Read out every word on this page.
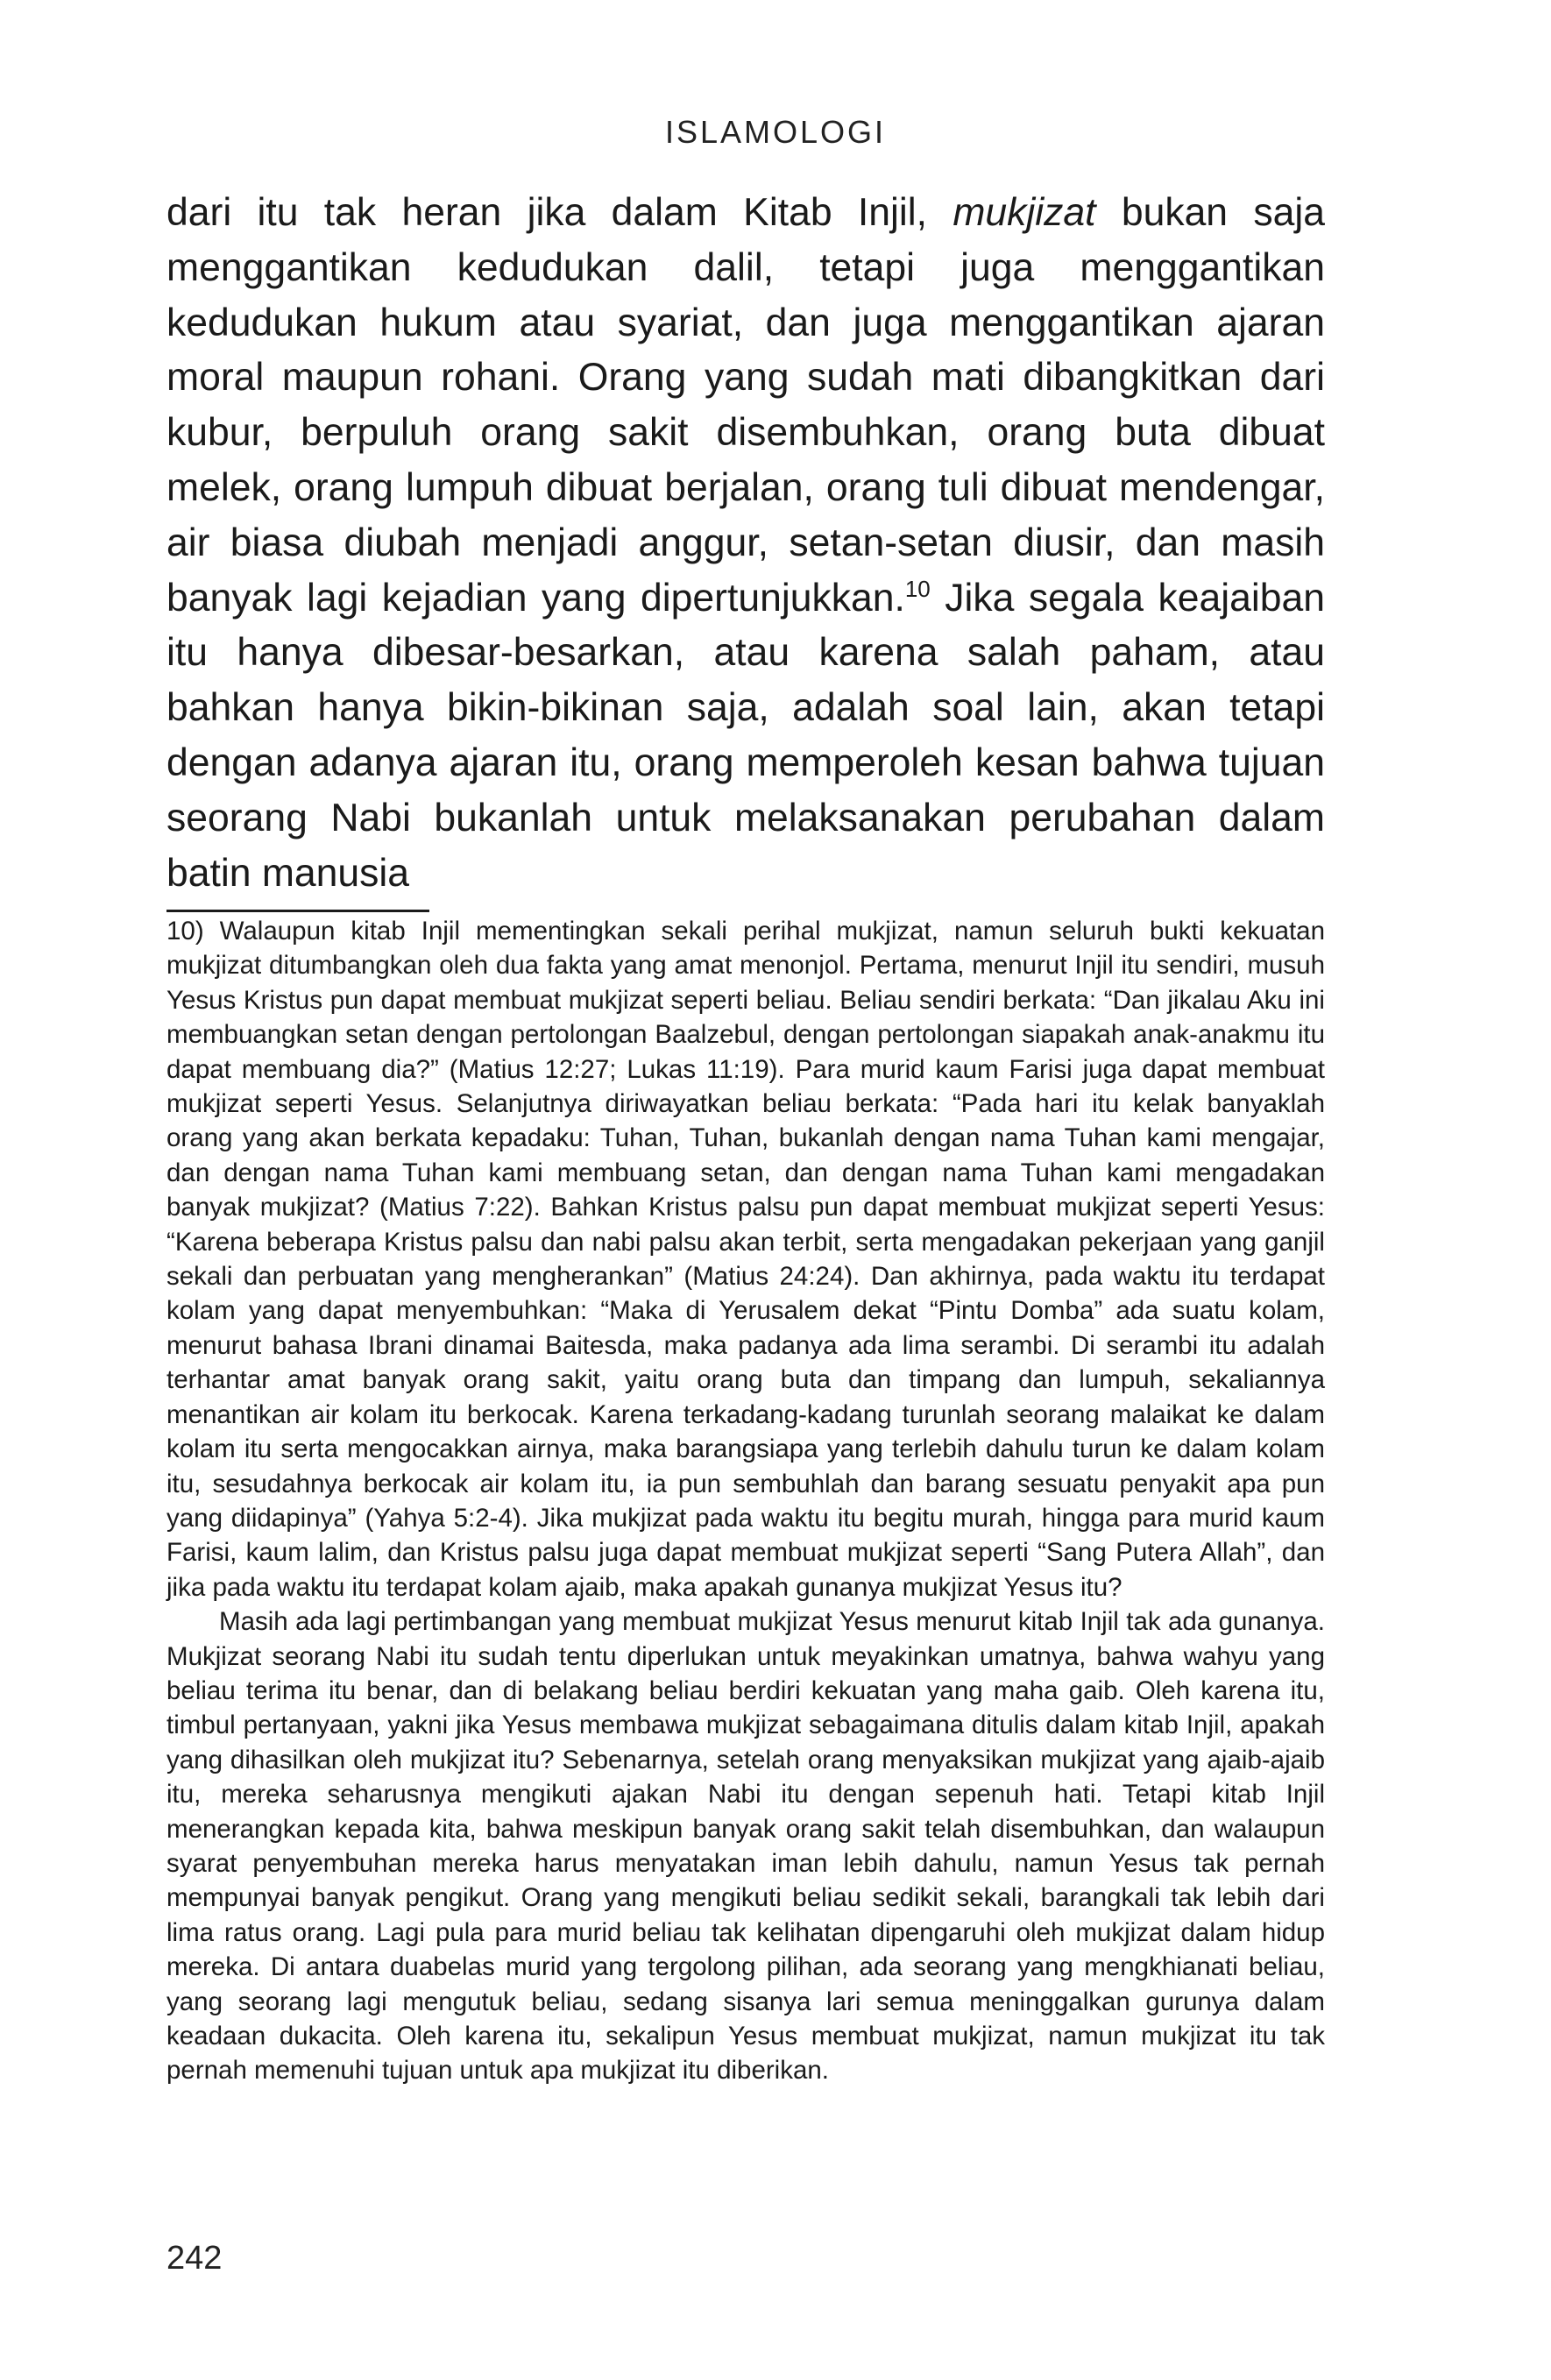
ISLAMOLOGI
dari itu tak heran jika dalam Kitab Injil, mukjizat bukan saja menggantikan kedudukan dalil, tetapi juga menggantikan kedudukan hukum atau syariat, dan juga menggantikan ajaran moral maupun rohani. Orang yang sudah mati dibangkitkan dari kubur, berpuluh orang sakit disembuhkan, orang buta dibuat melek, orang lumpuh dibuat berjalan, orang tuli dibuat mendengar, air biasa diubah menjadi anggur, setan-setan diusir, dan masih banyak lagi kejadian yang dipertunjukkan.$^{10}$ Jika segala keajaiban itu hanya dibesar-besarkan, atau karena salah paham, atau bahkan hanya bikin-bikinan saja, adalah soal lain, akan tetapi dengan adanya ajaran itu, orang memperoleh kesan bahwa tujuan seorang Nabi bukanlah untuk melaksanakan perubahan dalam batin manusia

10) Walaupun kitab Injil mementingkan sekali perihal mukjizat, namun seluruh bukti kekuatan mukjizat ditumbangkan oleh dua fakta yang amat menonjol. Pertama, menurut Injil itu sendiri, musuh Yesus Kristus pun dapat membuat mukjizat seperti beliau. Beliau sendiri berkata: “Dan jikalau Aku ini membuangkan setan dengan pertolongan Baalzebul, dengan pertolongan siapakah anak-anakmu itu dapat membuang dia?” (Matius 12:27; Lukas 11:19). Para murid kaum Farisi juga dapat membuat mukjizat seperti Yesus. Selanjutnya diriwayatkan beliau berkata: “Pada hari itu kelak banyaklah orang yang akan berkata kepadaku: Tuhan, Tuhan, bukanlah dengan nama Tuhan kami mengajar, dan dengan nama Tuhan kami membuang setan, dan dengan nama Tuhan kami mengadakan banyak mukjizat? (Matius 7:22). Bahkan Kristus palsu pun dapat membuat mukjizat seperti Yesus: “Karena beberapa Kristus palsu dan nabi palsu akan terbit, serta mengadakan pekerjaan yang ganjil sekali dan perbuatan yang mengherankan” (Matius 24:24). Dan akhirnya, pada waktu itu terdapat kolam yang dapat menyembuhkan: “Maka di Yerusalem dekat “Pintu Domba” ada suatu kolam, menurut bahasa Ibrani dinamai Baitesda, maka padanya ada lima serambi. Di serambi itu adalah terhantar amat banyak orang sakit, yaitu orang buta dan timpang dan lumpuh, sekaliannya menantikan air kolam itu berkocak. Karena terkadang-kadang turunlah seorang malaikat ke dalam kolam itu serta mengocakkan airnya, maka barangsiapa yang terlebih dahulu turun ke dalam kolam itu, sesudahnya berkocak air kolam itu, ia pun sembuhlah dan barang sesuatu penyakit apa pun yang diidapinya” (Yahya 5:2-4). Jika mukjizat pada waktu itu begitu murah, hingga para murid kaum Farisi, kaum lalim, dan Kristus palsu juga dapat membuat mukjizat seperti “Sang Putera Allah”, dan jika pada waktu itu terdapat kolam ajaib, maka apakah gunanya mukjizat Yesus itu?

Masih ada lagi pertimbangan yang membuat mukjizat Yesus menurut kitab Injil tak ada gunanya. Mukjizat seorang Nabi itu sudah tentu diperlukan untuk meyakinkan umatnya, bahwa wahyu yang beliau terima itu benar, dan di belakang beliau berdiri kekuatan yang maha gaib. Oleh karena itu, timbul pertanyaan, yakni jika Yesus membawa mukjizat sebagaimana ditulis dalam kitab Injil, apakah yang dihasilkan oleh mukjizat itu? Sebenarnya, setelah orang menyaksikan mukjizat yang ajaib-ajaib itu, mereka seharusnya mengikuti ajakan Nabi itu dengan sepenuh hati. Tetapi kitab Injil menerangkan kepada kita, bahwa meskipun banyak orang sakit telah disembuhkan, dan walaupun syarat penyembuhan mereka harus menyatakan iman lebih dahulu, namun Yesus tak pernah mempunyai banyak pengikut. Orang yang mengikuti beliau sedikit sekali, barangkali tak lebih dari lima ratus orang. Lagi pula para murid beliau tak kelihatan dipengaruhi oleh mukjizat dalam hidup mereka. Di antara duabelas murid yang tergolong pilihan, ada seorang yang mengkhianati beliau, yang seorang lagi mengutuk beliau, sedang sisanya lari semua meninggalkan gurunya dalam keadaan dukacita. Oleh karena itu, sekalipun Yesus membuat mukjizat, namun mukjizat itu tak pernah memenuhi tujuan untuk apa mukjizat itu diberikan.

242
